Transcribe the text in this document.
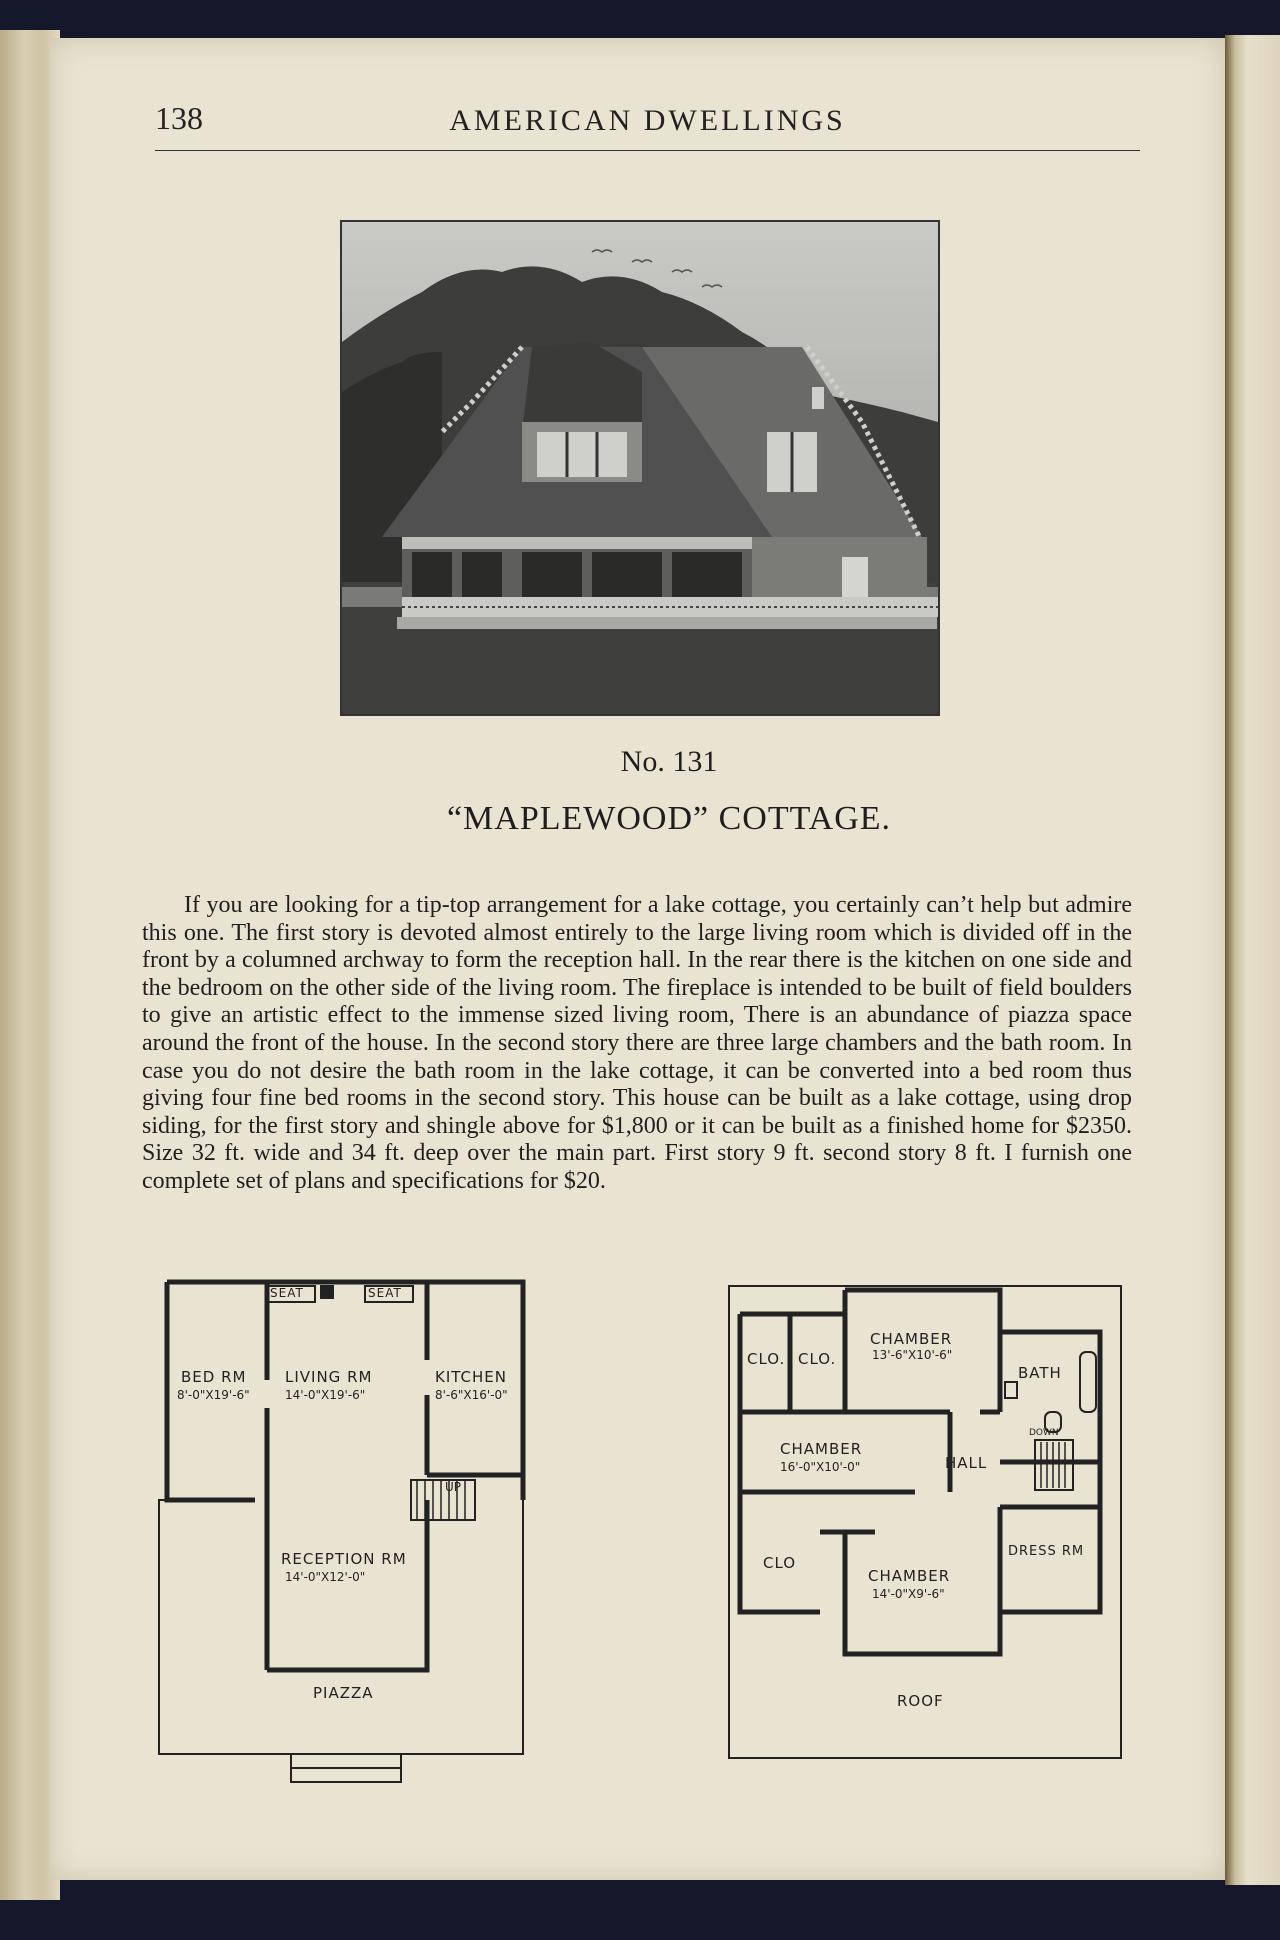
138	AMERICAN DWELLINGS
No. 131
“MAPLEWOOD” COTTAGE.

If you are looking for a tip-top arrangement for a lake cottage, you certainly can’t help but admire this one. The first story is devoted almost entirely to the large living room which is divided off in the front by a columned archway to form the reception hall. In the rear there is the kitchen on one side and the bedroom on the other side of the living room. The fireplace is intended to be built of field boulders to give an artistic effect to the immense sized living room, There is an abundance of piazza space around the front of the house. In the second story there are three large chambers and the bath room. In case you do not desire the bath room in the lake cottage, it can be converted into a bed room thus giving four fine bed rooms in the second story. This house can be built as a lake cottage, using drop siding, for the first story and shingle above for $1,800 or it can be built as a finished home for $2350. Size 32 ft. wide and 34 ft. deep over the main part. First story 9 ft. second story 8 ft. I furnish one complete set of plans and specifications for $20.

SEAT	SEAT
BED RM
8'-0"X19'-6"
LIVING RM
14'-0"X19'-6"
KITCHEN
8'-6"X16'-0"
UP
RECEPTION RM
14'-0"X12'-0"
PIAZZA
CLO. CLO.
CHAMBER
13'-6"X10'-6"
BATH
CHAMBER
16'-0"X10'-0"	HALL
DOWN
CLO
CHAMBER
14'-0"X9'-6"
DRESS RM
ROOF
